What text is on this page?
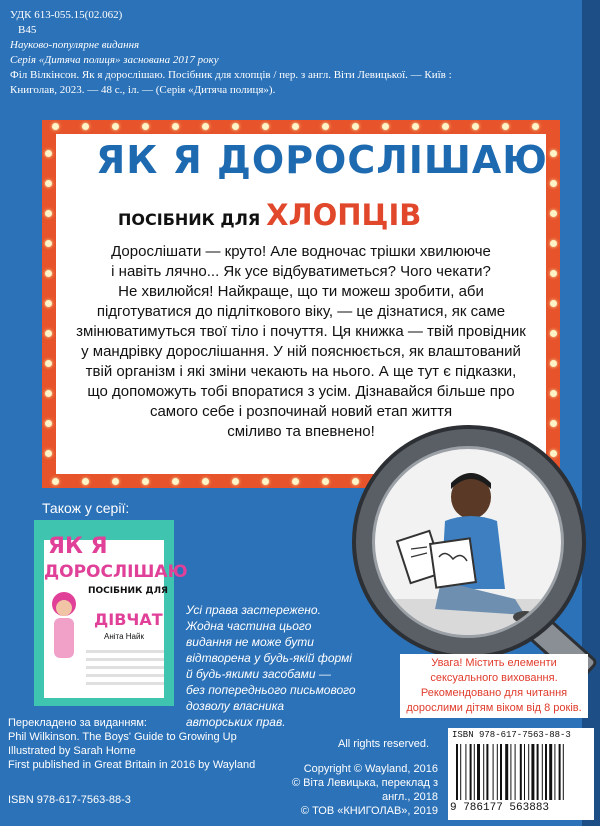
УДК 613-055.15(02.062)
В45
Науково-популярне видання
Серія «Дитяча полиця» заснована 2017 року
Філ Вілкінсон. Як я дорослішаю. Посібник для хлопців / пер. з англ. Віти Левицької. — Київ :
Книголав, 2023. — 48 с., іл. — (Серія «Дитяча полиця»).
ЯК Я ДОРОСЛІШАЮ
ПОСІБНИК ДЛЯ ХЛОПЦІВ
Дорослішати — круто! Але водночас трішки хвилююче
і навіть лячно... Як усе відбуватиметься? Чого чекати?
Не хвилюйся! Найкраще, що ти можеш зробити, аби
підготуватися до підліткового віку, — це дізнатися, як саме
змінюватимуться твої тіло і почуття. Ця книжка — твій провідник
у мандрівку дорослішання. У ній пояснюється, як влаштований
твій організм і які зміни чекають на нього. А ще тут є підказки,
що допоможуть тобі впоратися з усім. Дізнавайся більше про
самого себе і розпочинай новий етап життя
сміливо та впевнено!
Також у серії:
ЯК Я
ДОРОСЛІШАЮ
ПОСІБНИК ДЛЯ
ДІВЧАТ
Аніта Найк
Усі права застережено.
Жодна частина цього
видання не може бути
відтворена у будь-якій формі
й будь-якими засобами —
без попереднього письмового
дозволу власника
авторських прав.
Увага! Містить елементи
сексуального виховання.
Рекомендовано для читання
дорослими дітям віком від 8 років.
Перекладено за виданням:
Phil Wilkinson. The Boys' Guide to Growing Up
Illustrated by Sarah Horne
First published in Great Britain in 2016 by Wayland
All rights reserved.
Copyright © Wayland, 2016
© Віта Левицька, переклад з англ., 2018
© ТОВ «КНИГОЛАВ», 2019
ISBN 978-617-7563-88-3
ISBN 978-617-7563-88-3
9 786177 563883
